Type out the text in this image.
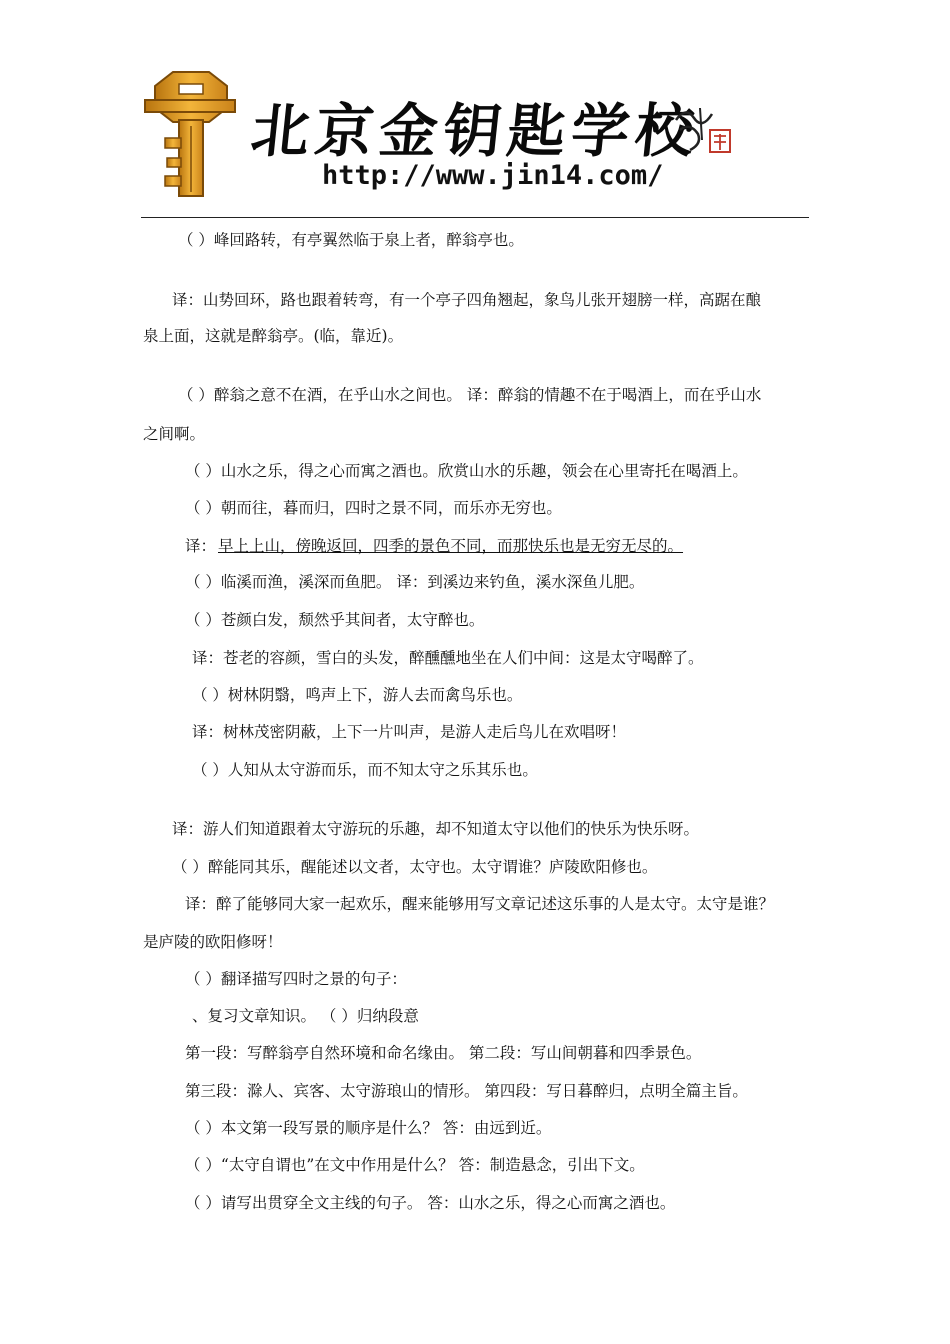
北京金钥匙学校
http://www.jin14.com/
（ ）峰回路转，有亭翼然临于泉上者，醉翁亭也。
译：山势回环，路也跟着转弯，有一个亭子四角翘起，象鸟儿张开翅膀一样，高踞在酿
泉上面，这就是醉翁亭。(临，靠近)。
（ ）醉翁之意不在酒，在乎山水之间也。 译：醉翁的情趣不在于喝酒上，而在乎山水
之间啊。
（ ）山水之乐，得之心而寓之酒也。欣赏山水的乐趣，领会在心里寄托在喝酒上。
（ ）朝而往，暮而归，四时之景不同，而乐亦无穷也。
译： 早上上山，傍晚返回，四季的景色不同，而那快乐也是无穷无尽的。
（ ）临溪而渔，溪深而鱼肥。 译：到溪边来钓鱼，溪水深鱼儿肥。
（ ）苍颜白发，颓然乎其间者，太守醉也。
译：苍老的容颜，雪白的头发，醉醺醺地坐在人们中间：这是太守喝醉了。
（ ）树林阴翳，鸣声上下，游人去而禽鸟乐也。
译：树林茂密阴蔽，上下一片叫声，是游人走后鸟儿在欢唱呀！
（ ）人知从太守游而乐，而不知太守之乐其乐也。
译：游人们知道跟着太守游玩的乐趣，却不知道太守以他们的快乐为快乐呀。
（ ）醉能同其乐，醒能述以文者，太守也。太守谓谁？庐陵欧阳修也。
译：醉了能够同大家一起欢乐，醒来能够用写文章记述这乐事的人是太守。太守是谁？
是庐陵的欧阳修呀！
（ ）翻译描写四时之景的句子：
、复习文章知识。 （ ）归纳段意
第一段：写醉翁亭自然环境和命名缘由。 第二段：写山间朝暮和四季景色。
第三段：滁人、宾客、太守游琅山的情形。 第四段：写日暮醉归，点明全篇主旨。
（ ）本文第一段写景的顺序是什么？ 答：由远到近。
（ ）“太守自谓也”在文中作用是什么？ 答：制造悬念，引出下文。
（ ）请写出贯穿全文主线的句子。 答：山水之乐，得之心而寓之酒也。
